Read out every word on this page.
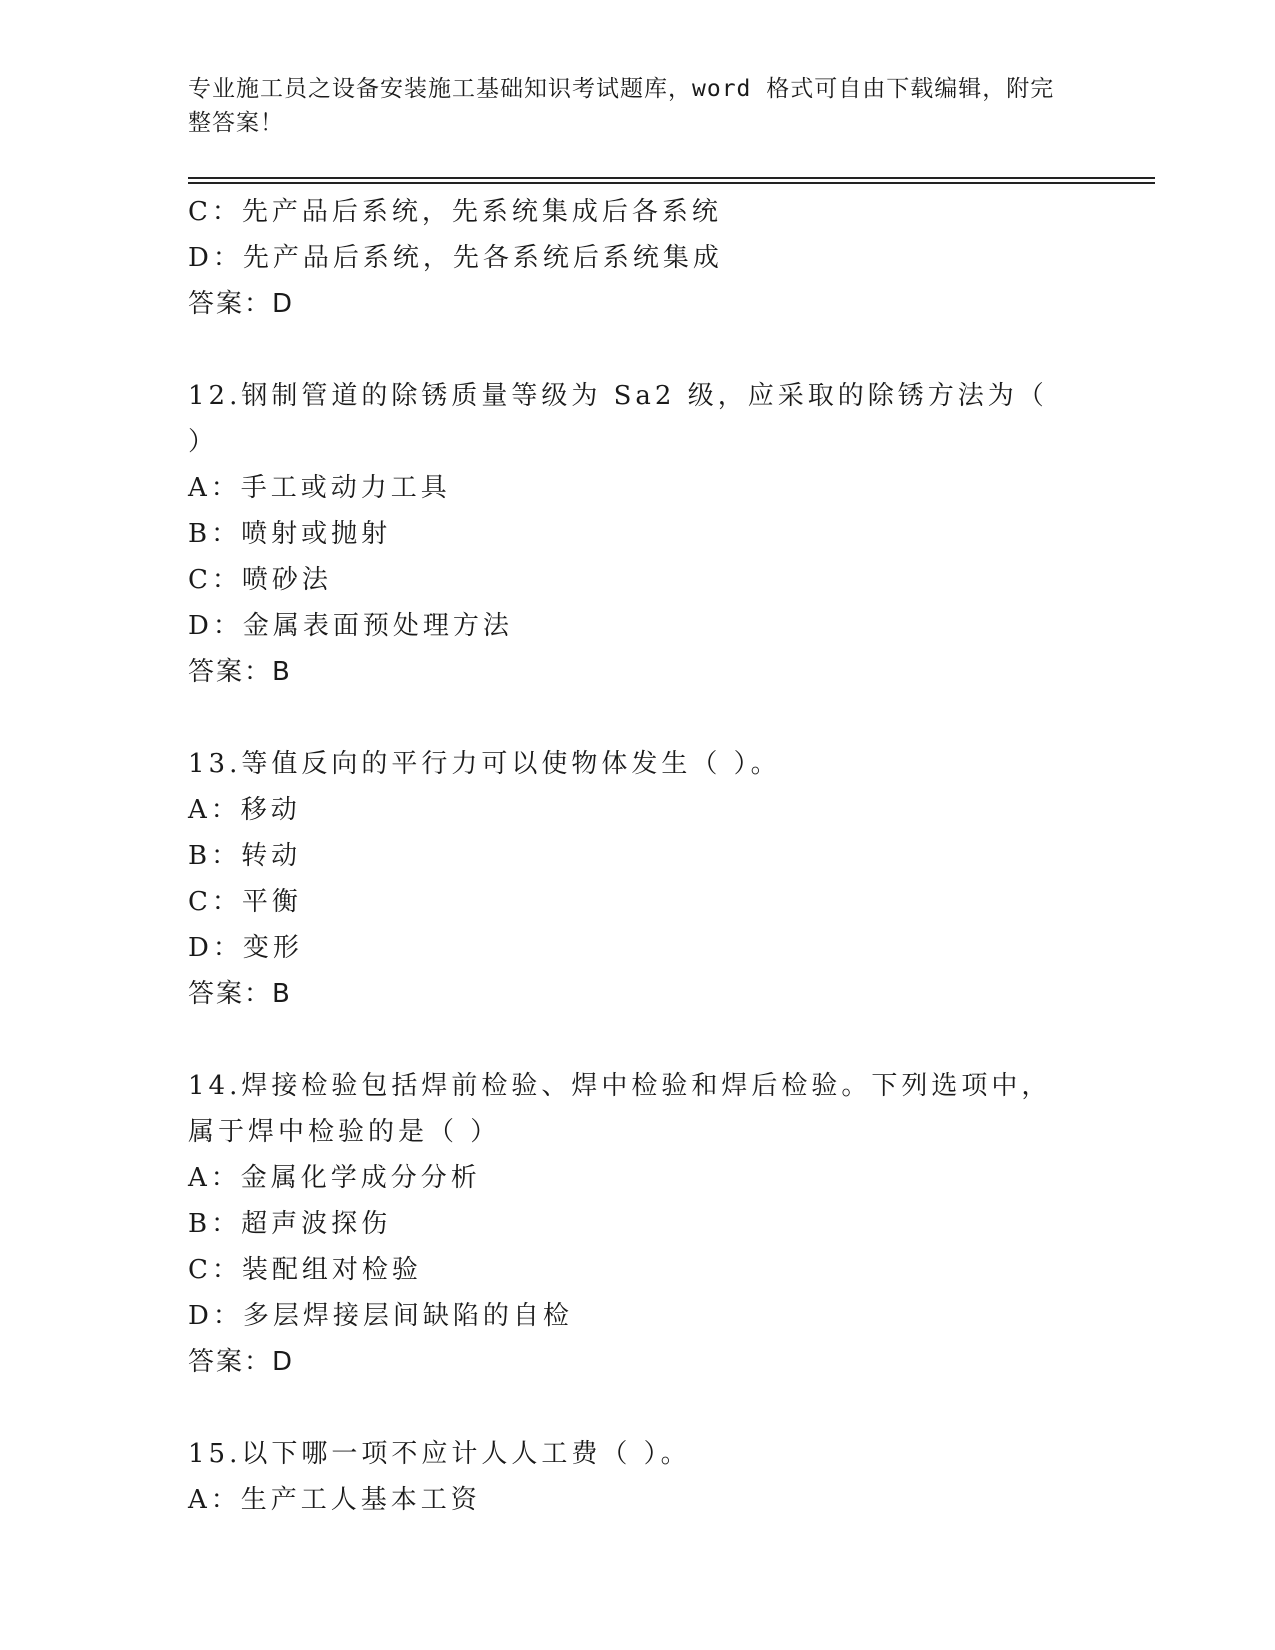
专业施工员之设备安装施工基础知识考试题库，word 格式可自由下载编辑，附完整答案！
C：先产品后系统，先系统集成后各系统
D：先产品后系统，先各系统后系统集成
答案：D
12.钢制管道的除锈质量等级为 Sa2 级，应采取的除锈方法为（ ）
A：手工或动力工具
B：喷射或抛射
C：喷砂法
D：金属表面预处理方法
答案：B
13.等值反向的平行力可以使物体发生（ ）。
A：移动
B：转动
C：平衡
D：变形
答案：B
14.焊接检验包括焊前检验、焊中检验和焊后检验。下列选项中，属于焊中检验的是（ ）
A：金属化学成分分析
B：超声波探伤
C：装配组对检验
D：多层焊接层间缺陷的自检
答案：D
15.以下哪一项不应计人人工费（ ）。
A：生产工人基本工资
